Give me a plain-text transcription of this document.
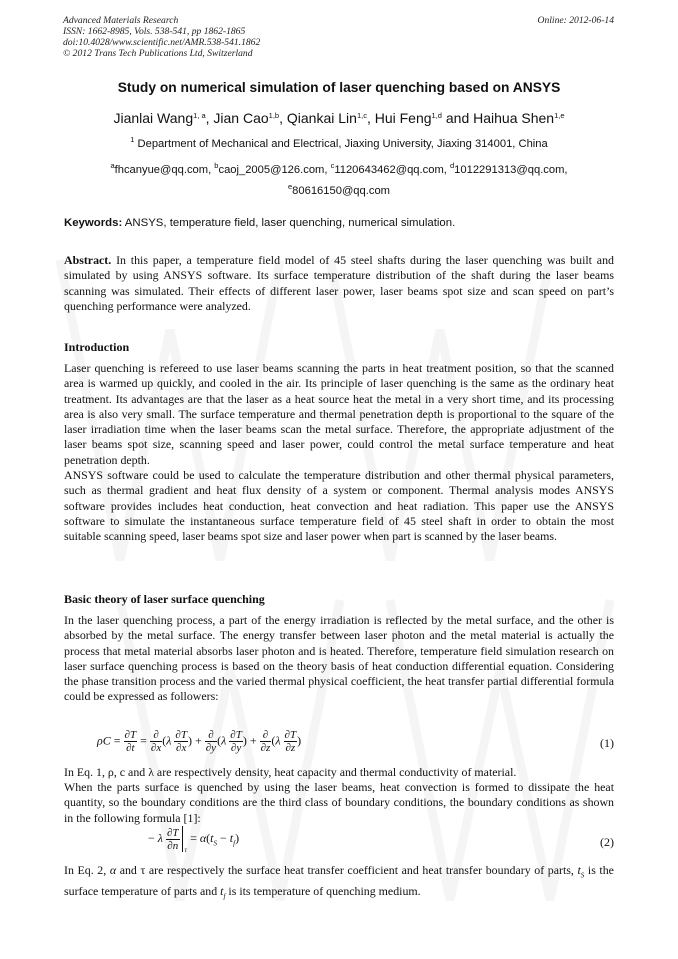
Advanced Materials Research
ISSN: 1662-8985, Vols. 538-541, pp 1862-1865
doi:10.4028/www.scientific.net/AMR.538-541.1862
© 2012 Trans Tech Publications Ltd, Switzerland
Online: 2012-06-14
Study on numerical simulation of laser quenching based on ANSYS
Jianlai Wang$^{1, a}$, Jian Cao$^{1,b}$, Qiankai Lin$^{1,c}$, Hui Feng$^{1,d}$ and Haihua Shen$^{1,e}$
$^1$ Department of Mechanical and Electrical, Jiaxing University, Jiaxing 314001, China
$^a$fhcanyue@qq.com, $^b$caoj_2005@126.com, $^c$1120643462@qq.com, $^d$1012291313@qq.com,
$^e$80616150@qq.com
Keywords: ANSYS, temperature field, laser quenching, numerical simulation.
Abstract. In this paper, a temperature field model of 45 steel shafts during the laser quenching was built and simulated by using ANSYS software. Its surface temperature distribution of the shaft during the laser beams scanning was simulated. Their effects of different laser power, laser beams spot size and scan speed on part’s quenching performance were analyzed.
Introduction
Laser quenching is refereed to use laser beams scanning the parts in heat treatment position, so that the scanned area is warmed up quickly, and cooled in the air. Its principle of laser quenching is the same as the ordinary heat treatment. Its advantages are that the laser as a heat source heat the metal in a very short time, and its processing area is also very small. The surface temperature and thermal penetration depth is proportional to the square of the laser irradiation time when the laser beams scan the metal surface. Therefore, the appropriate adjustment of the laser beams spot size, scanning speed and laser power, could control the metal surface temperature and heat penetration depth.
ANSYS software could be used to calculate the temperature distribution and other thermal physical parameters, such as thermal gradient and heat flux density of a system or component. Thermal analysis modes ANSYS software provides includes heat conduction, heat convection and heat radiation. This paper use the ANSYS software to simulate the instantaneous surface temperature field of 45 steel shaft in order to obtain the most suitable scanning speed, laser beams spot size and laser power when part is scanned by the laser beams.
Basic theory of laser surface quenching
In the laser quenching process, a part of the energy irradiation is reflected by the metal surface, and the other is absorbed by the metal surface. The energy transfer between laser photon and the metal material is actually the process that metal material absorbs laser photon and is heated. Therefore, temperature field simulation research on laser surface quenching process is based on the theory basis of heat conduction differential equation. Considering the phase transition process and the varied thermal physical coefficient, the heat transfer partial differential formula could be expressed as followers:
$\rho C = \frac{\partial T}{\partial t} = \frac{\partial}{\partial x} (\lambda \frac{\partial T}{\partial x}$ ) + $\frac{\partial}{\partial y} (\lambda \frac{\partial T}{\partial y}$ ) + $\frac{\partial}{\partial z} (\lambda \frac{\partial T}{\partial z}$ )	(1)
In Eq. 1, ρ, c and λ are respectively density, heat capacity and thermal conductivity of material.
When the parts surface is quenched by using the laser beams, heat convection is formed to dissipate the heat quantity, so the boundary conditions are the third class of boundary conditions, the boundary conditions as shown in the following formula [1]:
− λ $\frac{\partial T}{\partial n} _\tau = \alpha(t_S - t_f)$	(2)
In Eq. 2, α and τ are respectively the surface heat transfer coefficient and heat transfer boundary of parts, $t_S$ is the surface temperature of parts and $t_f$ is its temperature of quenching medium.
